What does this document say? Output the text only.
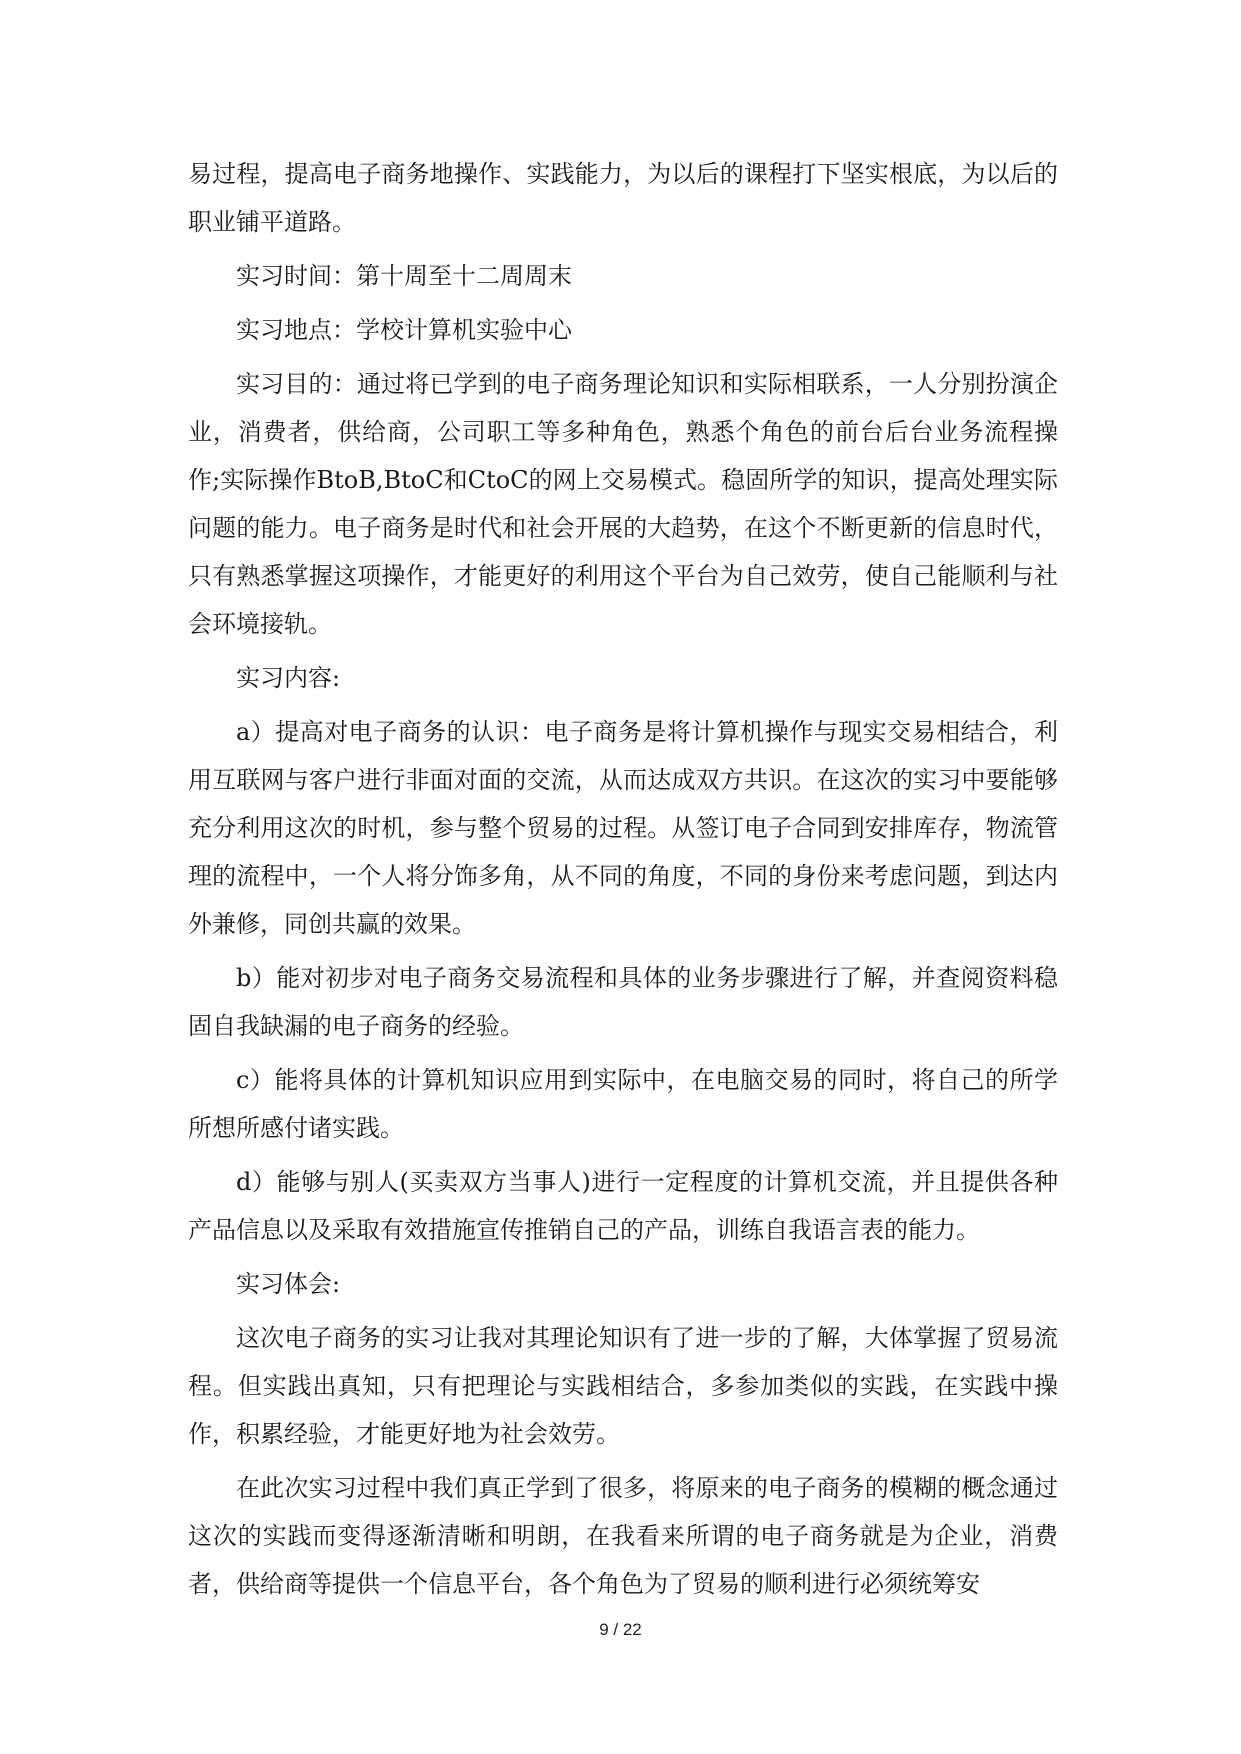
易过程，提高电子商务地操作、实践能力，为以后的课程打下坚实根底，为以后的职业铺平道路。

实习时间：第十周至十二周周末

实习地点：学校计算机实验中心

实习目的：通过将已学到的电子商务理论知识和实际相联系，一人分别扮演企业，消费者，供给商，公司职工等多种角色，熟悉个角色的前台后台业务流程操作;实际操作BtoB,BtoC和CtoC的网上交易模式。稳固所学的知识，提高处理实际问题的能力。电子商务是时代和社会开展的大趋势，在这个不断更新的信息时代，只有熟悉掌握这项操作，才能更好的利用这个平台为自己效劳，使自己能顺利与社会环境接轨。

实习内容:

a）提高对电子商务的认识：电子商务是将计算机操作与现实交易相结合，利用互联网与客户进行非面对面的交流，从而达成双方共识。在这次的实习中要能够充分利用这次的时机，参与整个贸易的过程。从签订电子合同到安排库存，物流管理的流程中，一个人将分饰多角，从不同的角度，不同的身份来考虑问题，到达内外兼修，同创共赢的效果。

b）能对初步对电子商务交易流程和具体的业务步骤进行了解，并查阅资料稳固自我缺漏的电子商务的经验。

c）能将具体的计算机知识应用到实际中，在电脑交易的同时，将自己的所学所想所感付诸实践。

d）能够与别人(买卖双方当事人)进行一定程度的计算机交流，并且提供各种产品信息以及采取有效措施宣传推销自己的产品，训练自我语言表的能力。

实习体会:

这次电子商务的实习让我对其理论知识有了进一步的了解，大体掌握了贸易流程。但实践出真知，只有把理论与实践相结合，多参加类似的实践，在实践中操作，积累经验，才能更好地为社会效劳。

在此次实习过程中我们真正学到了很多，将原来的电子商务的模糊的概念通过这次的实践而变得逐渐清晰和明朗，在我看来所谓的电子商务就是为企业，消费者，供给商等提供一个信息平台，各个角色为了贸易的顺利进行必须统筹安

9 / 22
